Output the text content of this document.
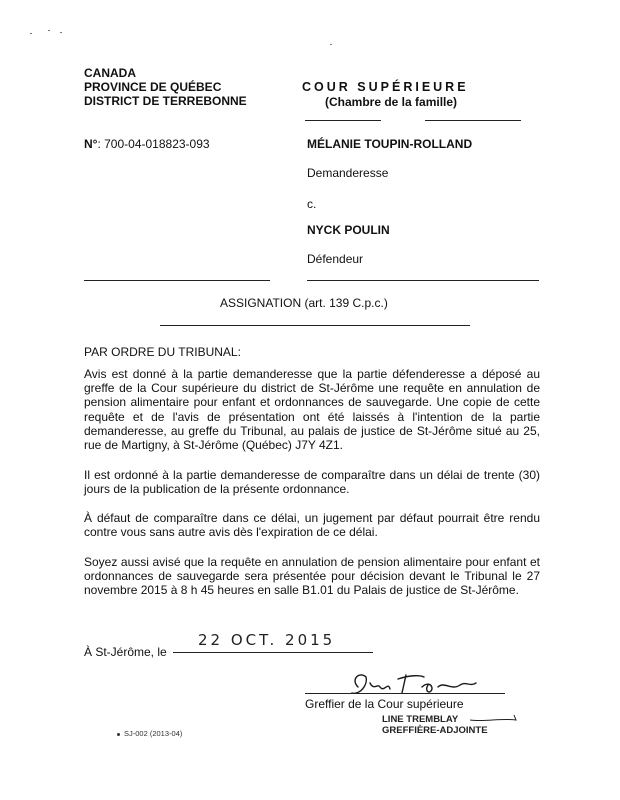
CANADA
PROVINCE DE QUÉBEC
DISTRICT DE TERREBONNE
COUR SUPÉRIEURE
(Chambre de la famille)
N°: 700-04-018823-093	MÉLANIE TOUPIN-ROLLAND
Demanderesse
c.
NYCK POULIN
Défendeur
ASSIGNATION (art. 139 C.p.c.)
PAR ORDRE DU TRIBUNAL:
Avis est donné à la partie demanderesse que la partie défenderesse a déposé au greffe de la Cour supérieure du district de St-Jérôme une requête en annulation de pension alimentaire pour enfant et ordonnances de sauvegarde. Une copie de cette requête et de l'avis de présentation ont été laissés à l'intention de la partie demanderesse, au greffe du Tribunal, au palais de justice de St-Jérôme situé au 25, rue de Martigny, à St-Jérôme (Québec) J7Y 4Z1.
Il est ordonné à la partie demanderesse de comparaître dans un délai de trente (30) jours de la publication de la présente ordonnance.
À défaut de comparaître dans ce délai, un jugement par défaut pourrait être rendu contre vous sans autre avis dès l'expiration de ce délai.
Soyez aussi avisé que la requête en annulation de pension alimentaire pour enfant et ordonnances de sauvegarde sera présentée pour décision devant le Tribunal le 27 novembre 2015 à 8 h 45 heures en salle B1.01 du Palais de justice de St-Jérôme.
À St-Jérôme, le
22 OCT. 2015
Greffier de la Cour supérieure
LINE TREMBLAY
GREFFIÈRE-ADJOINTE
SJ-002 (2013-04)
